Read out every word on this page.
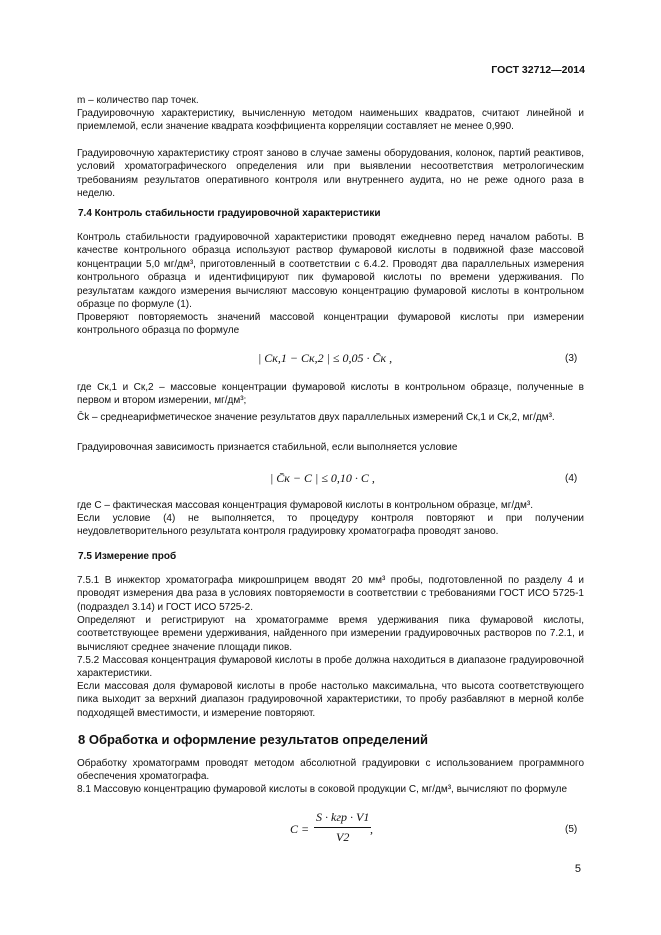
ГОСТ 32712—2014
m – количество пар точек.
Градуировочную характеристику, вычисленную методом наименьших квадратов, считают линейной и приемлемой, если значение квадрата коэффициента корреляции составляет не менее 0,990.
Градуировочную характеристику строят заново в случае замены оборудования, колонок, партий реактивов, условий хроматографического определения или при выявлении несоответствия метрологическим требованиям результатов оперативного контроля или внутреннего аудита, но не реже одного раза в неделю.
7.4 Контроль стабильности градуировочной характеристики
Контроль стабильности градуировочной характеристики проводят ежедневно перед началом работы. В качестве контрольного образца используют раствор фумаровой кислоты в подвижной фазе массовой концентрации 5,0 мг/дм³, приготовленный в соответствии с 6.4.2. Проводят два параллельных измерения контрольного образца и идентифицируют пик фумаровой кислоты по времени удерживания. По результатам каждого измерения вычисляют массовую концентрацию фумаровой кислоты в контрольном образце по формуле (1).
Проверяют повторяемость значений массовой концентрации фумаровой кислоты при измерении контрольного образца по формуле
| Cк,1 − Cк,2 | ≤ 0,05 · C̄к ,	(3)
где Cк,1 и Cк,2 – массовые концентрации фумаровой кислоты в контрольном образце, полученные в первом и втором измерении, мг/дм³;
C̄k – среднеарифметическое значение результатов двух параллельных измерений Cк,1 и Cк,2, мг/дм³.
Градуировочная зависимость признается стабильной, если выполняется условие
| C̄к − C | ≤ 0,10 · C ,	(4)
где C – фактическая массовая концентрация фумаровой кислоты в контрольном образце, мг/дм³.
Если условие (4) не выполняется, то процедуру контроля повторяют и при получении неудовлетворительного результата контроля градуировку хроматографа проводят заново.
7.5 Измерение проб
7.5.1 В инжектор хроматографа микрошприцем вводят 20 мм³ пробы, подготовленной по разделу 4 и проводят измерения два раза в условиях повторяемости в соответствии с требованиями ГОСТ ИСО 5725-1 (подраздел 3.14) и ГОСТ ИСО 5725-2.
Определяют и регистрируют на хроматограмме время удерживания пика фумаровой кислоты, соответствующее времени удерживания, найденного при измерении градуировочных растворов по 7.2.1, и вычисляют среднее значение площади пиков.
7.5.2 Массовая концентрация фумаровой кислоты в пробе должна находиться в диапазоне градуировочной характеристики.
Если массовая доля фумаровой кислоты в пробе настолько максимальна, что высота соответствующего пика выходит за верхний диапазон градуировочной характеристики, то пробу разбавляют в мерной колбе подходящей вместимости, и измерение повторяют.
8 Обработка и оформление результатов определений
Обработку хроматограмм проводят методом абсолютной градуировки с использованием программного обеспечения хроматографа.
8.1 Массовую концентрацию фумаровой кислоты в соковой продукции C, мг/дм³, вычисляют по формуле
C =
S · kгр · V1
V2
,	(5)
5
